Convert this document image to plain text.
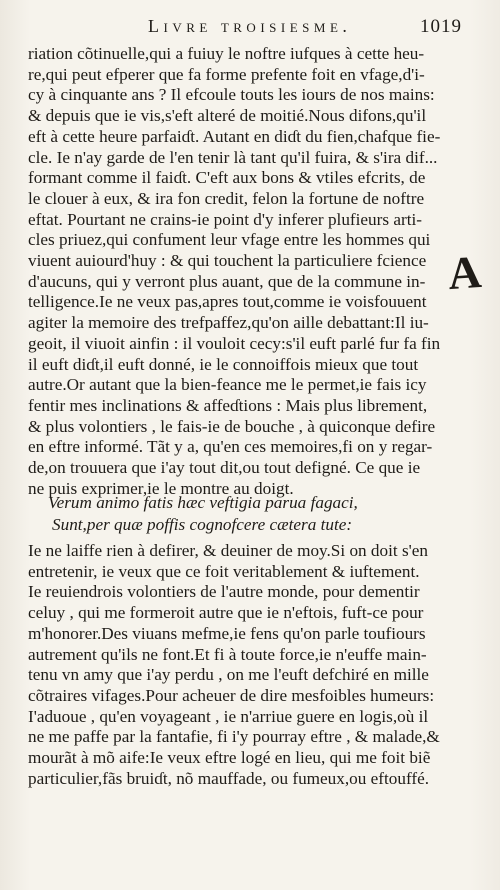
Livre troisiesme.	1019
A
riation cõtinuelle,qui a fuiuy le noftre iufques à cette heu-
re,qui peut efperer que fa forme prefente foit en vfage,d'i-
cy à cinquante ans ? Il efcoule touts les iours de nos mains:
& depuis que ie vis,s'eft alteré de moitié.Nous difons,qu'il
eft à cette heure parfaiɗt. Autant en diɗt du fien,chafque fie-
cle. Ie n'ay garde de l'en tenir là tant qu'il fuira, & s'ira dif...
formant comme il faiɗt. C'eft aux bons & vtiles efcrits, de
le clouer à eux, & ira fon credit, felon la fortune de noftre
eftat. Pourtant ne crains-ie point d'y inferer plufieurs arti-
cles priuez,qui confument leur vfage entre les hommes qui
viuent auiourd'huy : & qui touchent la particuliere fcience
d'aucuns, qui y verront plus auant, que de la commune in-
telligence.Ie ne veux pas,apres tout,comme ie voisfouuent
agiter la memoire des trefpaffez,qu'on aille debattant:Il iu-
geoit, il viuoit ainfin : il vouloit cecy:s'il euft parlé fur fa fin
il euft diɗt,il euft donné, ie le connoiffois mieux que tout
autre.Or autant que la bien-feance me le permet,ie fais icy
fentir mes inclinations & affeɗtions : Mais plus librement,
& plus volontiers , le fais-ie de bouche , à quiconque defire
en eftre informé. Tãt y a, qu'en ces memoires,fi on y regar-
de,on trouuera que i'ay tout dit,ou tout defigné. Ce que ie
ne puis exprimer,ie le montre au doigt.
Verum animo fatis hæc veftigia parua fagaci,
Sunt,per quæ poffis cognofcere cætera tute:
Ie ne laiffe rien à defirer, & deuiner de moy.Si on doit s'en
entretenir, ie veux que ce foit veritablement & iuftement.
Ie reuiendrois volontiers de l'autre monde, pour dementir
celuy , qui me formeroit autre que ie n'eftois, fuft-ce pour
m'honorer.Des viuans mefme,ie fens qu'on parle toufiours
autrement qu'ils ne font.Et fi à toute force,ie n'euffe main-
tenu vn amy que i'ay perdu , on me l'euft defchiré en mille
cõtraires vifages.Pour acheuer de dire mesfoibles humeurs:
I'aduoue , qu'en voyageant , ie n'arriue guere en logis,où il
ne me paffe par la fantafie, fi i'y pourray eftre , & malade,&
mourãt à mõ aife:Ie veux eftre logé en lieu, qui me foit biẽ
particulier,fãs bruiɗt, nõ mauffade, ou fumeux,ou eftouffé.
